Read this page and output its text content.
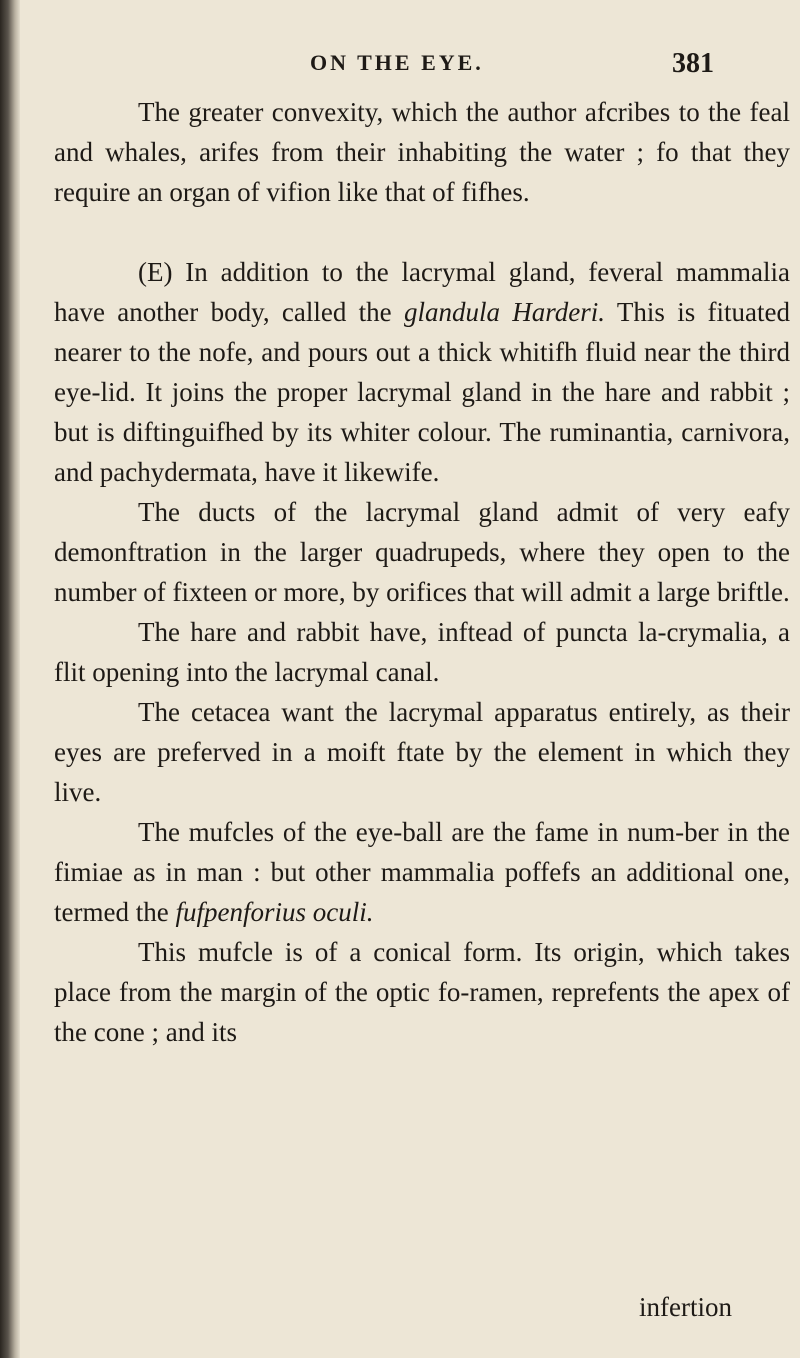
ON THE EYE.	381

The greater convexity, which the author afcribes to the feal and whales, arifes from their inhabiting the water ; fo that they require an organ of vifion like that of fifhes.

(E) In addition to the lacrymal gland, feveral mammalia have another body, called the glandula Harderi. This is fituated nearer to the nofe, and pours out a thick whitifh fluid near the third eye-lid. It joins the proper lacrymal gland in the hare and rabbit ; but is diftinguifhed by its whiter colour. The ruminantia, carnivora, and pachydermata, have it likewife.

The ducts of the lacrymal gland admit of very eafy demonftration in the larger quadrupeds, where they open to the number of fixteen or more, by orifices that will admit a large briftle.

The hare and rabbit have, inftead of puncta la-crymalia, a flit opening into the lacrymal canal.

The cetacea want the lacrymal apparatus entirely, as their eyes are preferved in a moift ftate by the element in which they live.

The mufcles of the eye-ball are the fame in num-ber in the fimiae as in man : but other mammalia poffefs an additional one, termed the fufpenforius oculi.

This mufcle is of a conical form. Its origin, which takes place from the margin of the optic fo-ramen, reprefents the apex of the cone ; and its

infertion
